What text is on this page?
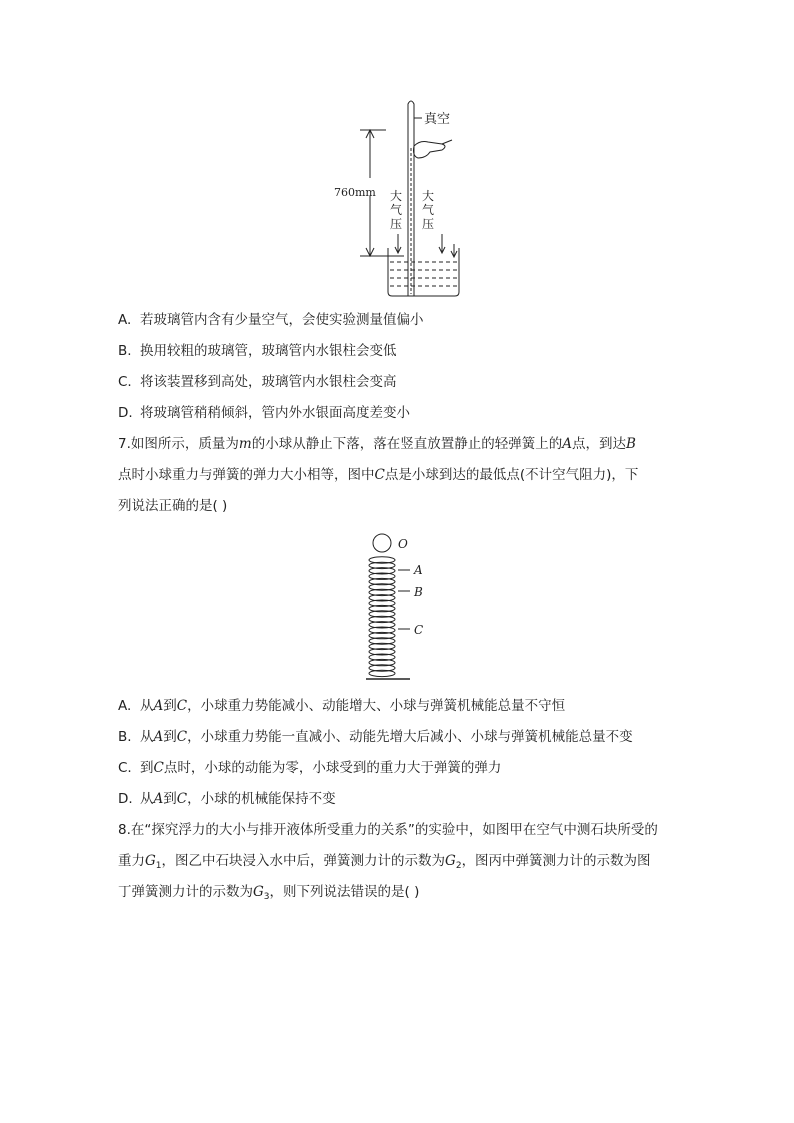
真空
760mm 大
气
压
大
气
压
A. 若玻璃管内含有少量空气，会使实验测量值偏小
B. 换用较粗的玻璃管，玻璃管内水银柱会变低
C. 将该装置移到高处，玻璃管内水银柱会变高
D. 将玻璃管稍稍倾斜，管内外水银面高度差变小
7.如图所示，质量为m的小球从静止下落，落在竖直放置静止的轻弹簧上的A点，到达B
点时小球重力与弹簧的弹力大小相等，图中C点是小球到达的最低点(不计空气阻力)，下
列说法正确的是( )
O
A
B
C
A. 从A到C，小球重力势能减小、动能增大、小球与弹簧机械能总量不守恒
B. 从A到C，小球重力势能一直减小、动能先增大后减小、小球与弹簧机械能总量不变
C. 到C点时，小球的动能为零，小球受到的重力大于弹簧的弹力
D. 从A到C，小球的机械能保持不变
8.在“探究浮力的大小与排开液体所受重力的关系”的实验中，如图甲在空气中测石块所受的
重力$G_1$，图乙中石块浸入水中后，弹簧测力计的示数为$G_2$，图丙中弹簧测力计的示数为图
丁弹簧测力计的示数为$G_3$，则下列说法错误的是( )
